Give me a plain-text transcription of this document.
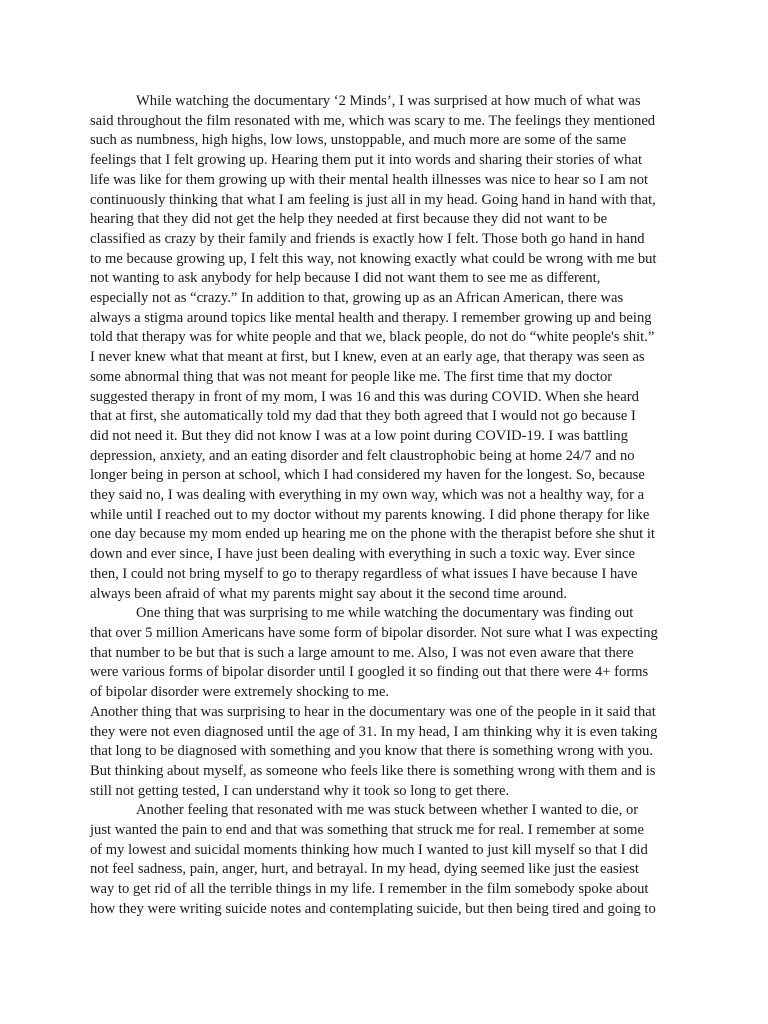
While watching the documentary ‘2 Minds’, I was surprised at how much of what was said throughout the film resonated with me, which was scary to me. The feelings they mentioned such as numbness, high highs, low lows, unstoppable, and much more are some of the same feelings that I felt growing up. Hearing them put it into words and sharing their stories of what life was like for them growing up with their mental health illnesses was nice to hear so I am not continuously thinking that what I am feeling is just all in my head. Going hand in hand with that, hearing that they did not get the help they needed at first because they did not want to be classified as crazy by their family and friends is exactly how I felt. Those both go hand in hand to me because growing up, I felt this way, not knowing exactly what could be wrong with me but not wanting to ask anybody for help because I did not want them to see me as different, especially not as “crazy.” In addition to that, growing up as an African American, there was always a stigma around topics like mental health and therapy. I remember growing up and being told that therapy was for white people and that we, black people, do not do “white people's shit.” I never knew what that meant at first, but I knew, even at an early age, that therapy was seen as some abnormal thing that was not meant for people like me. The first time that my doctor suggested therapy in front of my mom, I was 16 and this was during COVID. When she heard that at first, she automatically told my dad that they both agreed that I would not go because I did not need it. But they did not know I was at a low point during COVID-19. I was battling depression, anxiety, and an eating disorder and felt claustrophobic being at home 24/7 and no longer being in person at school, which I had considered my haven for the longest. So, because they said no, I was dealing with everything in my own way, which was not a healthy way, for a while until I reached out to my doctor without my parents knowing. I did phone therapy for like one day because my mom ended up hearing me on the phone with the therapist before she shut it down and ever since, I have just been dealing with everything in such a toxic way. Ever since then, I could not bring myself to go to therapy regardless of what issues I have because I have always been afraid of what my parents might say about it the second time around.

One thing that was surprising to me while watching the documentary was finding out that over 5 million Americans have some form of bipolar disorder. Not sure what I was expecting that number to be but that is such a large amount to me. Also, I was not even aware that there were various forms of bipolar disorder until I googled it so finding out that there were 4+ forms of bipolar disorder were extremely shocking to me.

Another thing that was surprising to hear in the documentary was one of the people in it said that they were not even diagnosed until the age of 31. In my head, I am thinking why it is even taking that long to be diagnosed with something and you know that there is something wrong with you. But thinking about myself, as someone who feels like there is something wrong with them and is still not getting tested, I can understand why it took so long to get there.

Another feeling that resonated with me was stuck between whether I wanted to die, or just wanted the pain to end and that was something that struck me for real. I remember at some of my lowest and suicidal moments thinking how much I wanted to just kill myself so that I did not feel sadness, pain, anger, hurt, and betrayal. In my head, dying seemed like just the easiest way to get rid of all the terrible things in my life. I remember in the film somebody spoke about how they were writing suicide notes and contemplating suicide, but then being tired and going to
